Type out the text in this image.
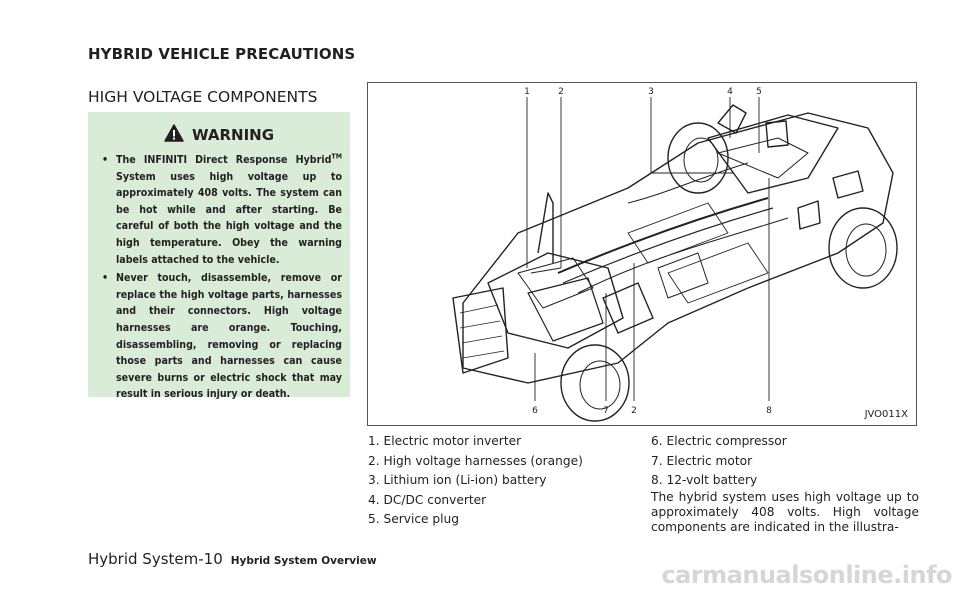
HYBRID VEHICLE PRECAUTIONS
HIGH VOLTAGE COMPONENTS
WARNING
• The INFINITI Direct Response Hybrid™ System uses high voltage up to approximately 408 volts. The system can be hot while and after starting. Be careful of both the high voltage and the high temperature. Obey the warning labels attached to the vehicle.
• Never touch, disassemble, remove or replace the high voltage parts, harnesses and their connectors. High voltage harnesses are orange. Touching, disassembling, removing or replacing those parts and harnesses can cause severe burns or electric shock that may result in serious injury or death.
1	2	3	4	5
6	7 2	8	JVO011X
1. Electric motor inverter
2. High voltage harnesses (orange)
3. Lithium ion (Li-ion) battery
4. DC/DC converter
5. Service plug
6. Electric compressor
7. Electric motor
8. 12-volt battery
The hybrid system uses high voltage up to approximately 408 volts. High voltage components are indicated in the illustra-
Hybrid System-10 Hybrid System Overview	carmanualsonline.info
